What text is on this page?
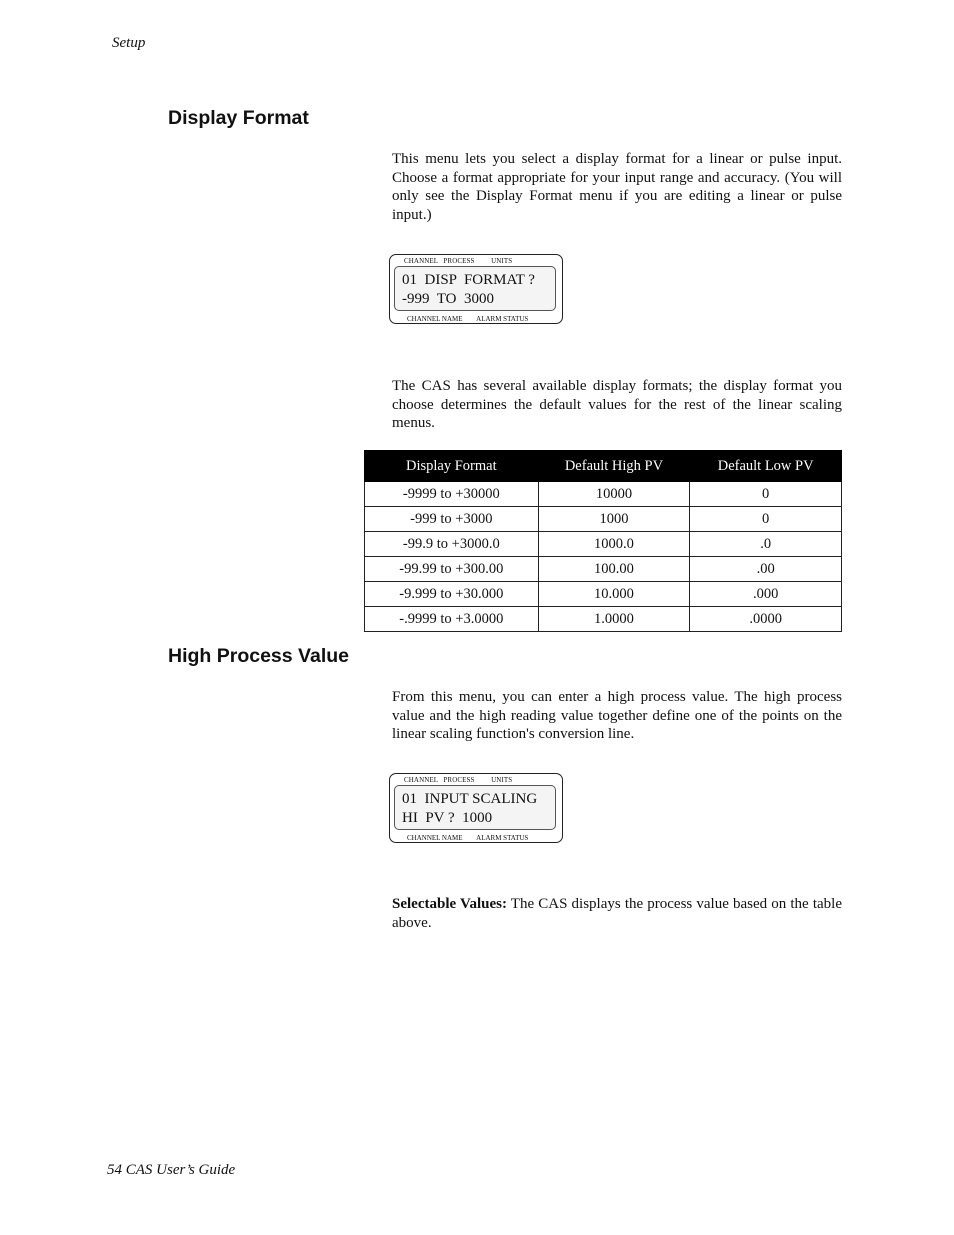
Setup
Display Format

This menu lets you select a display format for a linear or pulse input. Choose a format appropriate for your input range and accuracy. (You will only see the Display Format menu if you are editing a linear or pulse input.)

CHANNEL   PROCESS         UNITS
01  DISP  FORMAT ?
-999  TO  3000
CHANNEL NAME        ALARM STATUS

The CAS has several available display formats; the display format you choose determines the default values for the rest of the linear scaling menus.

Display Format	Default High PV	Default Low PV
-9999 to +30000	10000	0
-999 to +3000	1000	0
-99.9 to +3000.0	1000.0	.0
-99.99 to +300.00	100.00	.00
-9.999 to +30.000	10.000	.000
-.9999 to +3.0000	1.0000	.0000
High Process Value

From this menu, you can enter a high process value. The high process value and the high reading value together define one of the points on the linear scaling function's conversion line.

CHANNEL   PROCESS         UNITS
01  INPUT SCALING
HI  PV ?  1000
CHANNEL NAME        ALARM STATUS

Selectable Values: The CAS displays the process value based on the table above.

54 CAS User’s Guide
